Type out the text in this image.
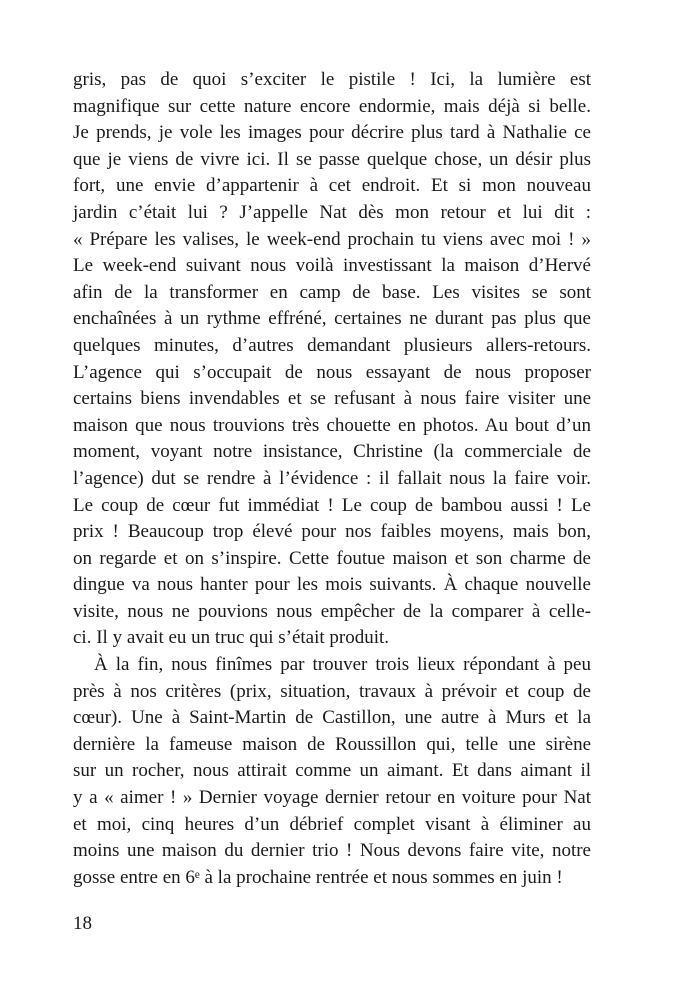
gris, pas de quoi s’exciter le pistile ! Ici, la lumière est
magnifique sur cette nature encore endormie, mais déjà si belle.
Je prends, je vole les images pour décrire plus tard à Nathalie ce
que je viens de vivre ici. Il se passe quelque chose, un désir plus
fort, une envie d’appartenir à cet endroit. Et si mon nouveau
jardin c’était lui ? J’appelle Nat dès mon retour et lui dit :
« Prépare les valises, le week-end prochain tu viens avec moi ! »
Le week-end suivant nous voilà investissant la maison d’Hervé
afin de la transformer en camp de base. Les visites se sont
enchaînées à un rythme effréné, certaines ne durant pas plus que
quelques minutes, d’autres demandant plusieurs allers-retours.
L’agence qui s’occupait de nous essayant de nous proposer
certains biens invendables et se refusant à nous faire visiter une
maison que nous trouvions très chouette en photos. Au bout d’un
moment, voyant notre insistance, Christine (la commerciale de
l’agence) dut se rendre à l’évidence : il fallait nous la faire voir.
Le coup de cœur fut immédiat ! Le coup de bambou aussi ! Le
prix ! Beaucoup trop élevé pour nos faibles moyens, mais bon,
on regarde et on s’inspire. Cette foutue maison et son charme de
dingue va nous hanter pour les mois suivants. À chaque nouvelle
visite, nous ne pouvions nous empêcher de la comparer à celle-
ci. Il y avait eu un truc qui s’était produit.
À la fin, nous finîmes par trouver trois lieux répondant à peu
près à nos critères (prix, situation, travaux à prévoir et coup de
cœur). Une à Saint-Martin de Castillon, une autre à Murs et la
dernière la fameuse maison de Roussillon qui, telle une sirène
sur un rocher, nous attirait comme un aimant. Et dans aimant il
y a « aimer ! » Dernier voyage dernier retour en voiture pour Nat
et moi, cinq heures d’un débrief complet visant à éliminer au
moins une maison du dernier trio ! Nous devons faire vite, notre
gosse entre en 6ᵉ à la prochaine rentrée et nous sommes en juin !
18
